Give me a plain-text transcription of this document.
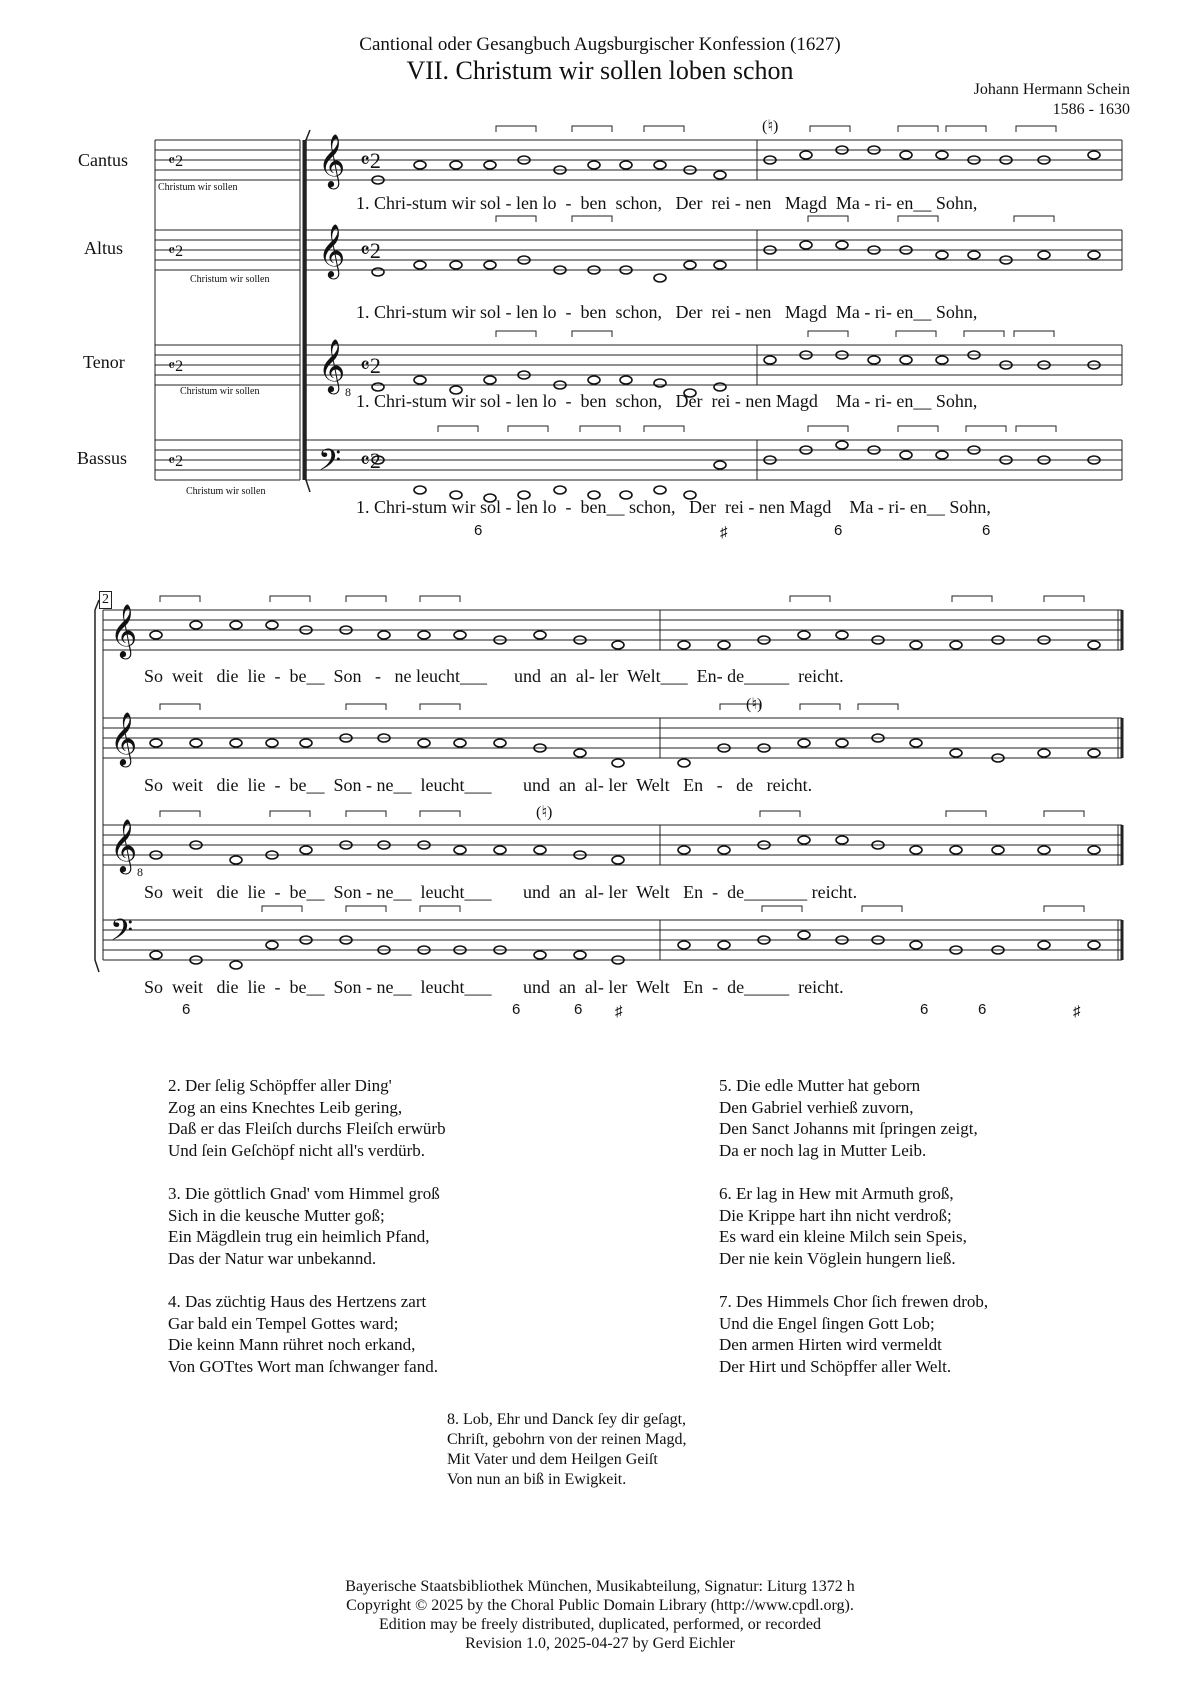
Cantional oder Gesangbuch Augsburgischer Konfession (1627)
VII. Christum wir sollen loben schon
Johann Hermann Schein
1586 - 1630
Cantus
Altus
Tenor
Bassus
𝄞 𝄴2
𝄞 𝄴2
𝄞 𝄴2
𝄢 𝄴2
𝄞
𝄞
𝄞
𝄢
8
8
𝄴2
𝄴2
𝄴2
𝄴2
Christum wir sollen
Christum wir sollen
Christum wir sollen
Christum wir sollen
(♮)
1. Chri-stum wir sol - len lo  -  ben  schon,   Der  rei - nen   Magd  Ma - ri- en__ Sohn,
1. Chri-stum wir sol - len lo  -  ben  schon,   Der  rei - nen   Magd  Ma - ri- en__ Sohn,
1. Chri-stum wir sol - len lo  -  ben  schon,   Der  rei - nen Magd    Ma - ri- en__ Sohn,
1. Chri-stum wir sol - len lo  -  ben__ schon,   Der  rei - nen Magd    Ma - ri- en__ Sohn,
6	♯	6	6
2
(♮)
(♮)
So  weit   die  lie  -  be__  Son   -   ne leucht___      und  an  al- ler  Welt___  En- de_____  reicht.
So  weit   die  lie  -  be__  Son - ne__  leucht___       und  an  al- ler  Welt   En   -   de   reicht.
So  weit   die  lie  -  be__  Son - ne__  leucht___       und  an  al- ler  Welt   En  -  de_______ reicht.
So  weit   die  lie  -  be__  Son - ne__  leucht___       und  an  al- ler  Welt   En  -  de_____  reicht.
6	6	6 ♯	6	6	♯
2. Der ſelig Schöpffer aller Ding'
Zog an eins Knechtes Leib gering,
Daß er das Fleiſch durchs Fleiſch erwürb
Und ſein Geſchöpf nicht all's verdürb.
3. Die göttlich Gnad' vom Himmel groß
Sich in die keusche Mutter goß;
Ein Mägdlein trug ein heimlich Pfand,
Das der Natur war unbekannd.
4. Das züchtig Haus des Hertzens zart
Gar bald ein Tempel Gottes ward;
Die keinn Mann rühret noch erkand,
Von GOTtes Wort man ſchwanger fand.
5. Die edle Mutter hat geborn
Den Gabriel verhieß zuvorn,
Den Sanct Johanns mit ſpringen zeigt,
Da er noch lag in Mutter Leib.
6. Er lag in Hew mit Armuth groß,
Die Krippe hart ihn nicht verdroß;
Es ward ein kleine Milch sein Speis,
Der nie kein Vöglein hungern ließ.
7. Des Himmels Chor ſich frewen drob,
Und die Engel ſingen Gott Lob;
Den armen Hirten wird vermeldt
Der Hirt und Schöpffer aller Welt.
8. Lob, Ehr und Danck ſey dir geſagt,
Chriſt, gebohrn von der reinen Magd,
Mit Vater und dem Heilgen Geiſt
Von nun an biß in Ewigkeit.
Bayerische Staatsbibliothek München, Musikabteilung, Signatur: Liturg 1372 h
Copyright © 2025 by the Choral Public Domain Library (http://www.cpdl.org).
Edition may be freely distributed, duplicated, performed, or recorded
Revision 1.0, 2025-04-27 by Gerd Eichler
